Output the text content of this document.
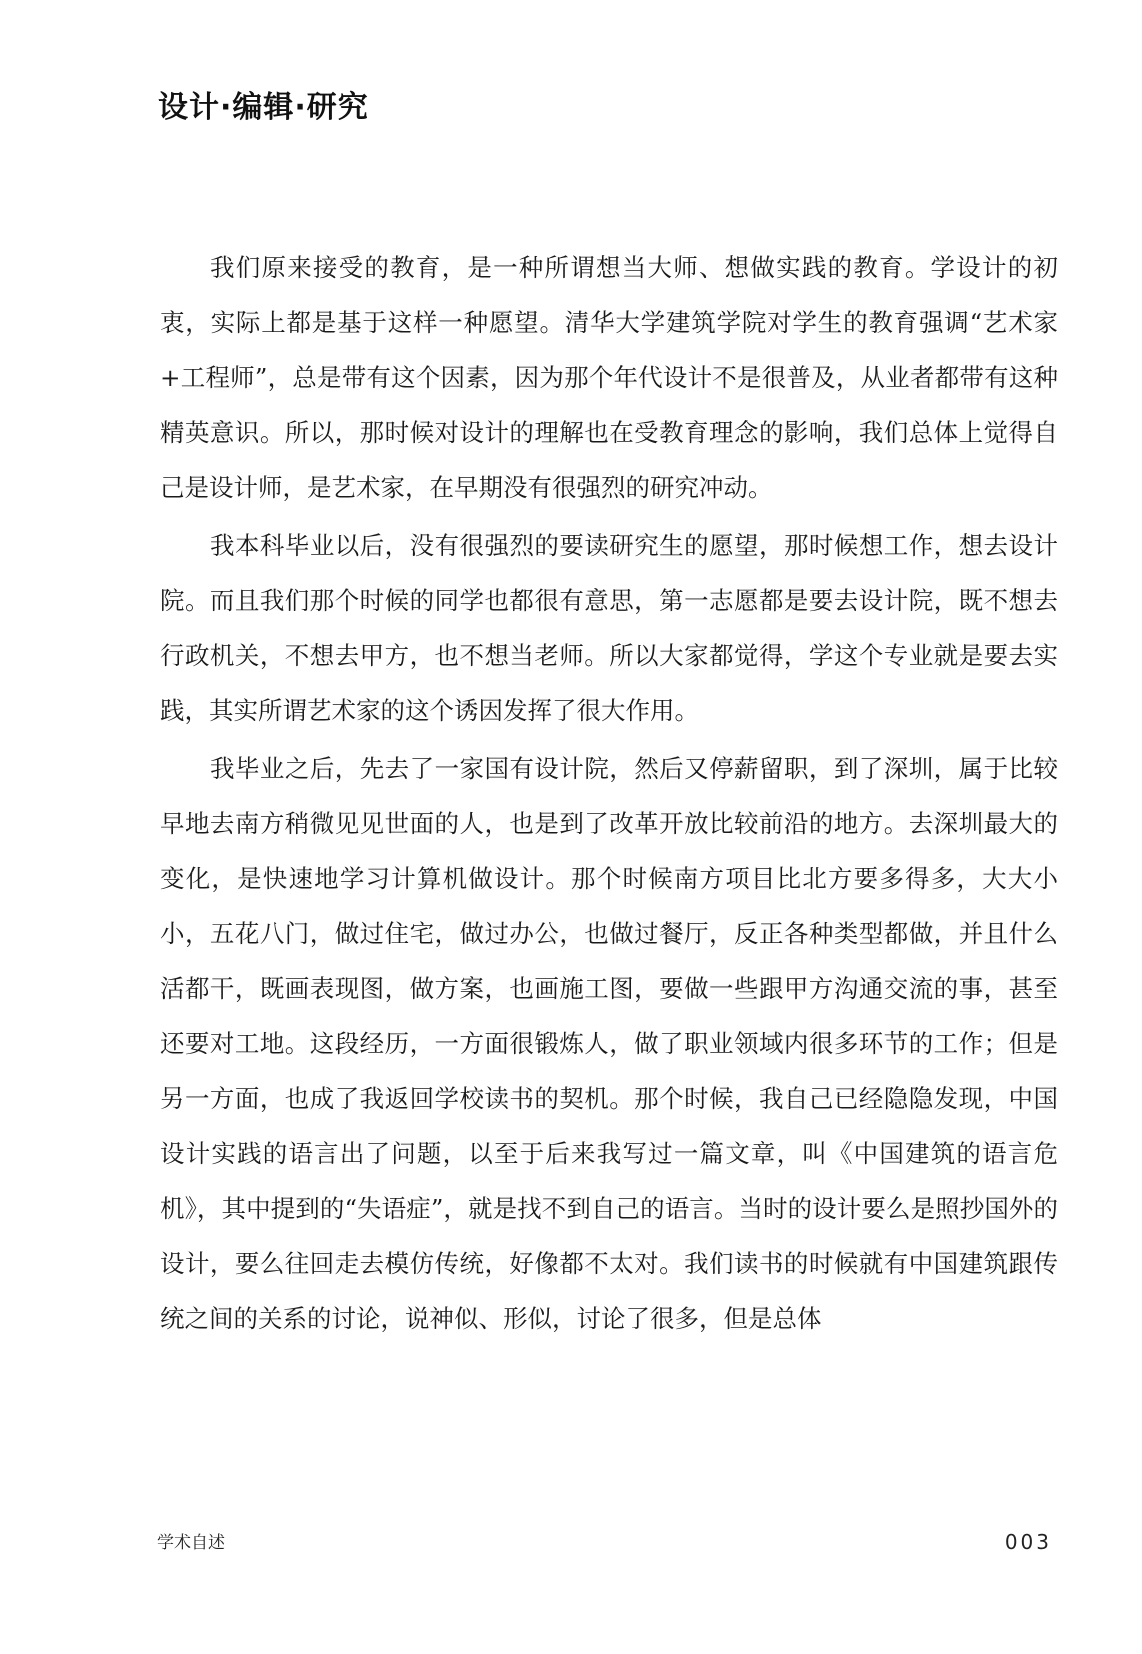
设计·编辑·研究

我们原来接受的教育，是一种所谓想当大师、想做实践的教育。学设计的初衷，实际上都是基于这样一种愿望。清华大学建筑学院对学生的教育强调“艺术家+工程师”，总是带有这个因素，因为那个年代设计不是很普及，从业者都带有这种精英意识。所以，那时候对设计的理解也在受教育理念的影响，我们总体上觉得自己是设计师，是艺术家，在早期没有很强烈的研究冲动。

我本科毕业以后，没有很强烈的要读研究生的愿望，那时候想工作，想去设计院。而且我们那个时候的同学也都很有意思，第一志愿都是要去设计院，既不想去行政机关，不想去甲方，也不想当老师。所以大家都觉得，学这个专业就是要去实践，其实所谓艺术家的这个诱因发挥了很大作用。

我毕业之后，先去了一家国有设计院，然后又停薪留职，到了深圳，属于比较早地去南方稍微见见世面的人，也是到了改革开放比较前沿的地方。去深圳最大的变化，是快速地学习计算机做设计。那个时候南方项目比北方要多得多，大大小小，五花八门，做过住宅，做过办公，也做过餐厅，反正各种类型都做，并且什么活都干，既画表现图，做方案，也画施工图，要做一些跟甲方沟通交流的事，甚至还要对工地。这段经历，一方面很锻炼人，做了职业领域内很多环节的工作；但是另一方面，也成了我返回学校读书的契机。那个时候，我自己已经隐隐发现，中国设计实践的语言出了问题，以至于后来我写过一篇文章，叫《中国建筑的语言危机》，其中提到的“失语症”，就是找不到自己的语言。当时的设计要么是照抄国外的设计，要么往回走去模仿传统，好像都不太对。我们读书的时候就有中国建筑跟传统之间的关系的讨论，说神似、形似，讨论了很多，但是总体

学术自述	003
